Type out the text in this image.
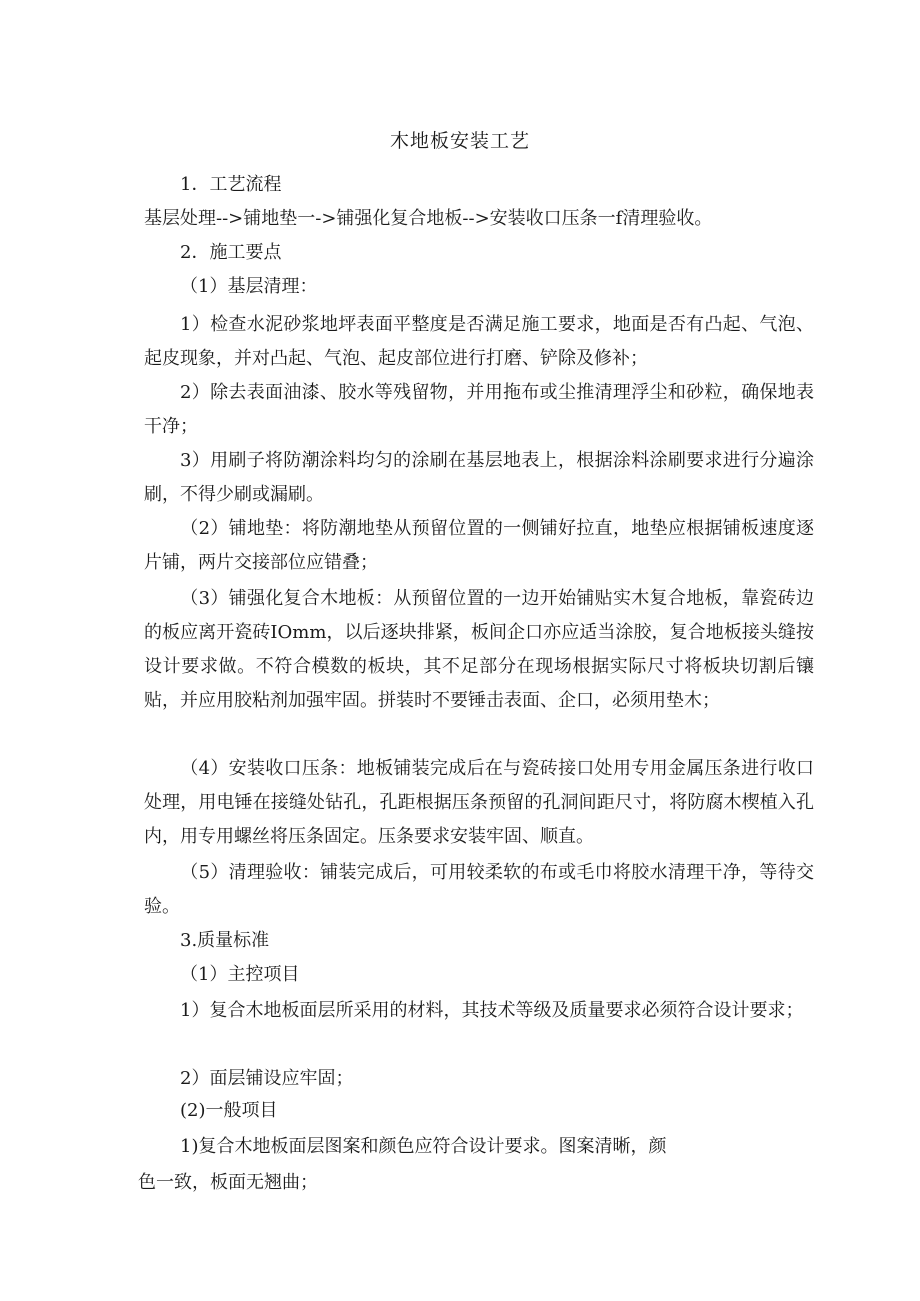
木地板安装工艺

1．工艺流程

基层处理-->铺地垫一->铺强化复合地板-->安装收口压条一f清理验收。

2．施工要点

（1）基层清理：

1）检查水泥砂浆地坪表面平整度是否满足施工要求，地面是否有凸起、气泡、起皮现象，并对凸起、气泡、起皮部位进行打磨、铲除及修补；

2）除去表面油漆、胶水等残留物，并用拖布或尘推清理浮尘和砂粒，确保地表干净；

3）用刷子将防潮涂料均匀的涂刷在基层地表上，根据涂料涂刷要求进行分遍涂刷，不得少刷或漏刷。

（2）铺地垫：将防潮地垫从预留位置的一侧铺好拉直，地垫应根据铺板速度逐片铺，两片交接部位应错叠；

（3）铺强化复合木地板：从预留位置的一边开始铺贴实木复合地板，靠瓷砖边的板应离开瓷砖IOmm，以后逐块排紧，板间企口亦应适当涂胶，复合地板接头缝按设计要求做。不符合模数的板块，其不足部分在现场根据实际尺寸将板块切割后镶贴，并应用胶粘剂加强牢固。拼装时不要锤击表面、企口，必须用垫木；

（4）安装收口压条：地板铺装完成后在与瓷砖接口处用专用金属压条进行收口处理，用电锤在接缝处钻孔，孔距根据压条预留的孔洞间距尺寸，将防腐木楔植入孔内，用专用螺丝将压条固定。压条要求安装牢固、顺直。

（5）清理验收：铺装完成后，可用较柔软的布或毛巾将胶水清理干净，等待交验。

3.质量标准

（1）主控项目

1）复合木地板面层所采用的材料，其技术等级及质量要求必须符合设计要求；

2）面层铺设应牢固；

(2)一般项目

1)复合木地板面层图案和颜色应符合设计要求。图案清晰，颜

色一致，板面无翘曲；
